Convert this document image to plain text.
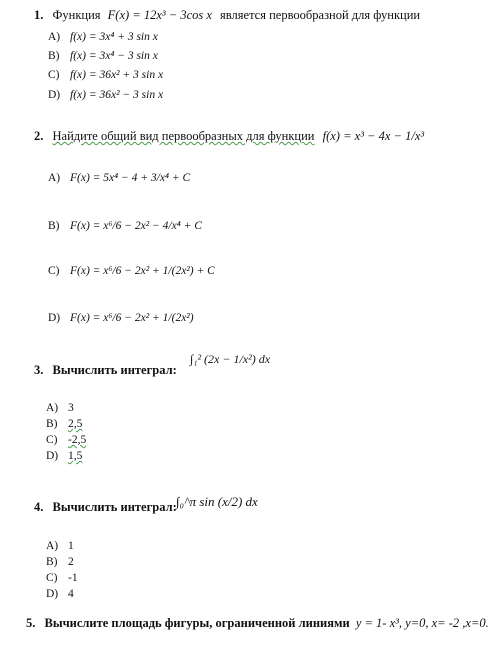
1. Функция F(x) = 12x³ − 3cos x является первообразной для функции
A) f(x) = 3x⁴ + 3 sin x
B) f(x) = 3x⁴ − 3 sin x
C) f(x) = 36x² + 3 sin x
D) f(x) = 36x² − 3 sin x
2. Найдите общий вид первообразных для функции f(x) = x³ − 4x − 1/x³
A) F(x) = 5x⁴ − 4 + 3/x⁴ + C
B) F(x) = x⁶/6 − 2x² − 4/x⁴ + C
C) F(x) = x⁶/6 − 2x² + 1/(2x²) + C
D) F(x) = x⁶/6 − 2x² + 1/(2x²)
3. Вычислить интеграл:
∫₁² (2x − 1/x²) dx
A) 3
B) 2,5
C) -2,5
D) 1,5
4. Вычислить интеграл: ∫₀^π sin (x/2) dx
A) 1
B) 2
C) -1
D) 4
5. Вычислите площадь фигуры, ограниченной линиями y = 1- x³, y=0, x= -2 ,x=0.
